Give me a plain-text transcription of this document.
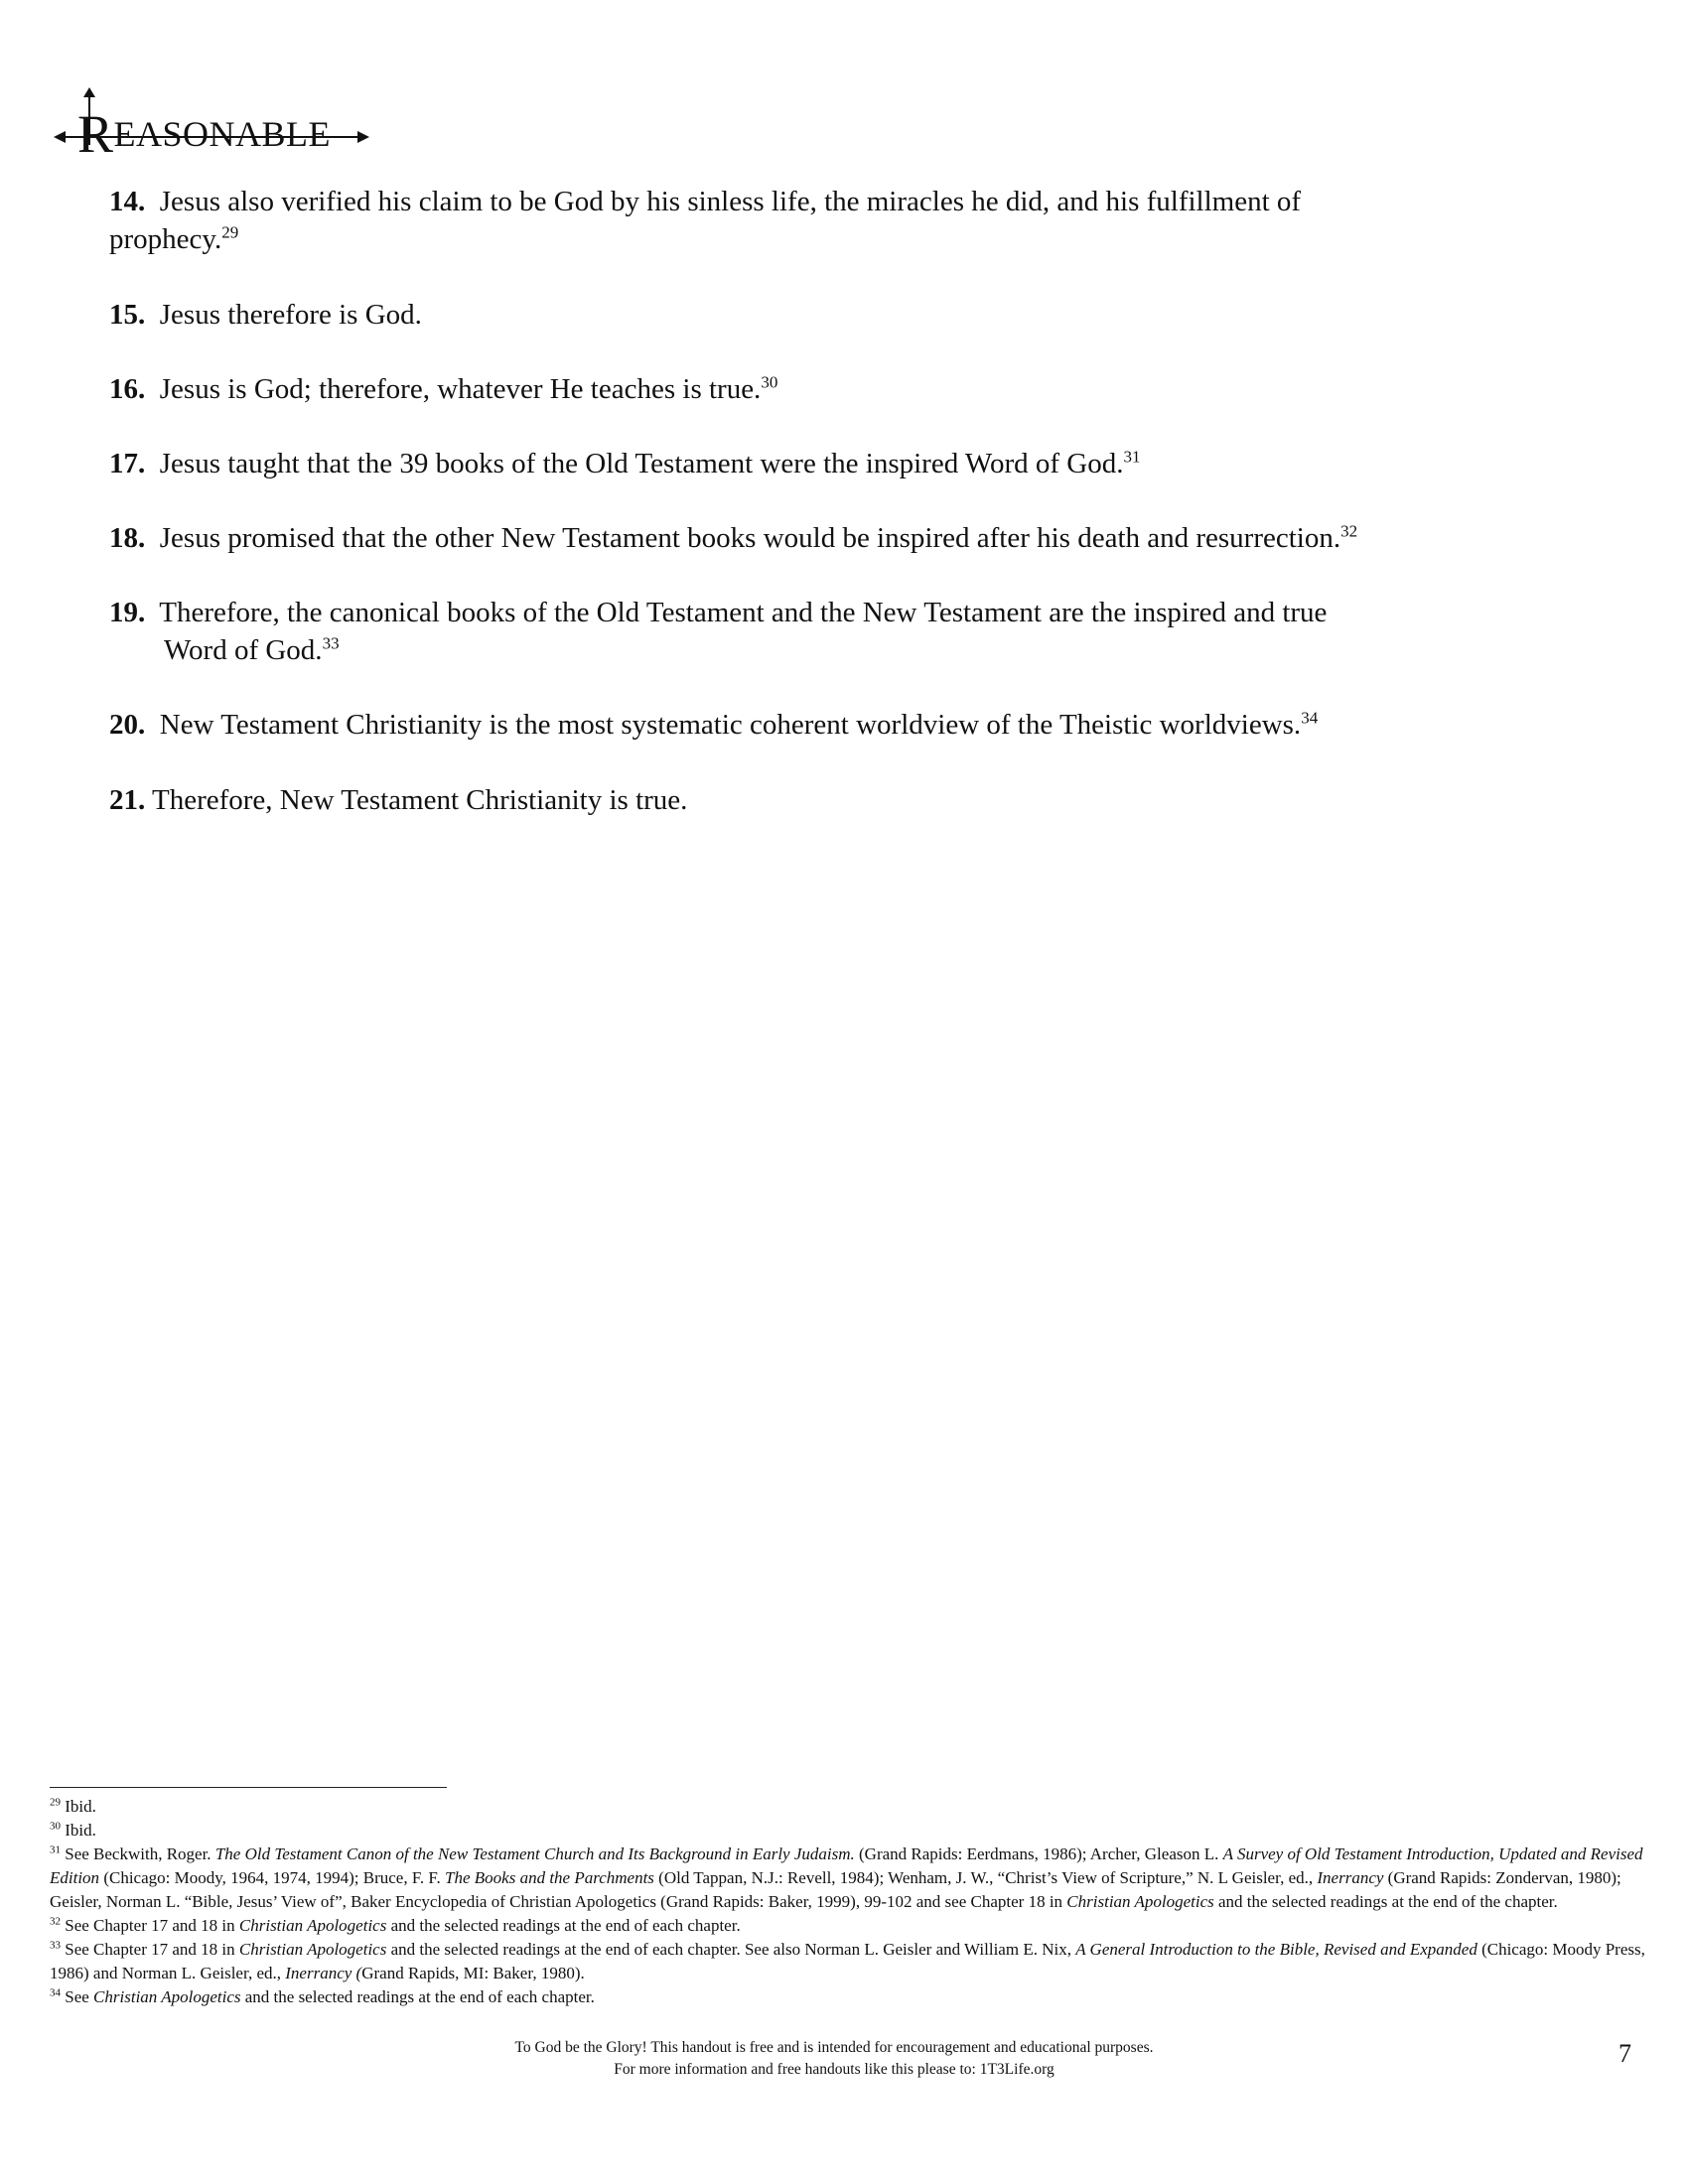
REASONABLE
14. Jesus also verified his claim to be God by his sinless life, the miracles he did, and his fulfillment of
prophecy.$^{29}$
15. Jesus therefore is God.
16. Jesus is God; therefore, whatever He teaches is true.$^{30}$
17. Jesus taught that the 39 books of the Old Testament were the inspired Word of God.$^{31}$
18. Jesus promised that the other New Testament books would be inspired after his death and resurrection.$^{32}$
19. Therefore, the canonical books of the Old Testament and the New Testament are the inspired and true
Word of God.$^{33}$
20. New Testament Christianity is the most systematic coherent worldview of the Theistic worldviews.$^{34}$
21. Therefore, New Testament Christianity is true.

$^{29}$ Ibid.

$^{30}$ Ibid.

$^{31}$ See Beckwith, Roger. The Old Testament Canon of the New Testament Church and Its Background in Early Judaism. (Grand Rapids: Eerdmans, 1986); Archer, Gleason L. A Survey of Old Testament Introduction, Updated and Revised Edition (Chicago: Moody, 1964, 1974, 1994); Bruce, F. F. The Books and the Parchments (Old Tappan, N.J.: Revell, 1984); Wenham, J. W., “Christ’s View of Scripture,” N. L Geisler, ed., Inerrancy (Grand Rapids: Zondervan, 1980); Geisler, Norman L. “Bible, Jesus’ View of”, Baker Encyclopedia of Christian Apologetics (Grand Rapids: Baker, 1999), 99-102 and see Chapter 18 in Christian Apologetics and the selected readings at the end of the chapter.

$^{32}$ See Chapter 17 and 18 in Christian Apologetics and the selected readings at the end of each chapter.

$^{33}$ See Chapter 17 and 18 in Christian Apologetics and the selected readings at the end of each chapter. See also Norman L. Geisler and William E. Nix, A General Introduction to the Bible, Revised and Expanded (Chicago: Moody Press, 1986) and Norman L. Geisler, ed., Inerrancy (Grand Rapids, MI: Baker, 1980).

$^{34}$ See Christian Apologetics and the selected readings at the end of each chapter.

To God be the Glory! This handout is free and is intended for encouragement and educational purposes.
For more information and free handouts like this please to: 1T3Life.org
7
